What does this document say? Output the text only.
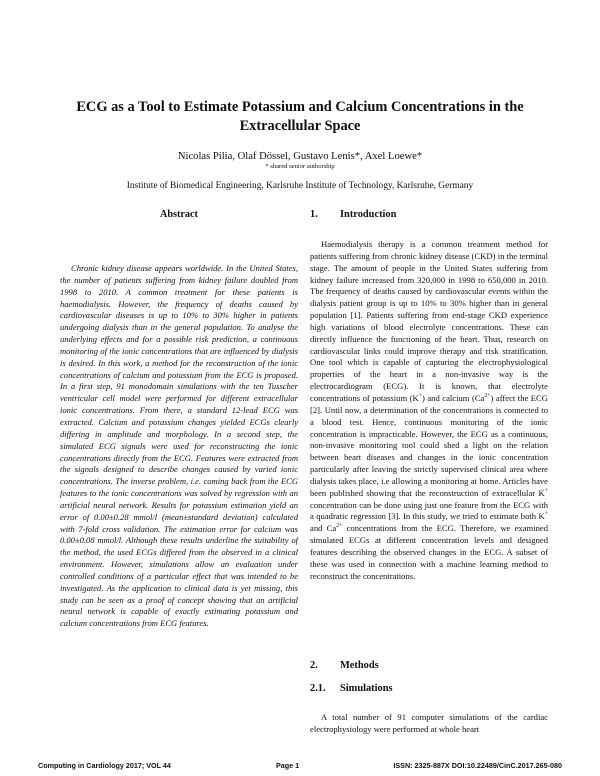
ECG as a Tool to Estimate Potassium and Calcium Concentrations in the Extracellular Space
Nicolas Pilia, Olaf Dössel, Gustavo Lenis*, Axel Loewe*
* shared senior authorship
Institute of Biomedical Engineering, Karlsruhe Institute of Technology, Karlsruhe, Germany
Abstract
Chronic kidney disease appears worldwide. In the United States, the number of patients suffering from kidney failure doubled from 1998 to 2010. A common treatment for these patients is haemodialysis. However, the frequency of deaths caused by cardiovascular diseases is up to 10% to 30% higher in patients undergoing dialysis than in the general population. To analyse the underlying effects and for a possible risk prediction, a continuous monitoring of the ionic concentrations that are influenced by dialysis is desired. In this work, a method for the reconstruction of the ionic concentrations of calcium and potassium from the ECG is proposed. In a first step, 91 monodomain simulations with the ten Tusscher ventricular cell model were performed for different extracellular ionic concentrations. From there, a standard 12-lead ECG was extracted. Calcium and potassium changes yielded ECGs clearly differing in amplitude and morphology. In a second step, the simulated ECG signals were used for reconstructing the ionic concentrations directly from the ECG. Features were extracted from the signals designed to describe changes caused by varied ionic concentrations. The inverse problem, i.e. coming back from the ECG features to the ionic concentrations was solved by regression with an artificial neural network. Results for potassium estimation yield an error of 0.00±0.28 mmol/l (mean±standard deviation) calculated with 7-fold cross validation. The estimation error for calcium was 0.00±0.08 mmol/l. Although these results underline the suitability of the method, the used ECGs differed from the observed in a clinical environment. However, simulations allow an evaluation under controlled conditions of a particular effect that was intended to be investigated. As the application to clinical data is yet missing, this study can be seen as a proof of concept showing that an artificial neural network is capable of exactly estimating potassium and calcium concentrations from ECG features.
1. Introduction
Haemodialysis therapy is a common treatment method for patients suffering from chronic kidney disease (CKD) in the terminal stage. The amount of people in the United States suffering from kidney failure increased from 320,000 in 1998 to 650,000 in 2010. The frequency of deaths caused by cardiovascular events within the dialysis patient group is up to 10% to 30% higher than in general population [1]. Patients suffering from end-stage CKD experience high variations of blood electrolyte concentrations. These can directly influence the functioning of the heart. Thus, research on cardiovascular links could improve therapy and risk stratification. One tool which is capable of capturing the electrophysiological properties of the heart in a non-invasive way is the electrocardiogram (ECG). It is known, that electrolyte concentrations of potassium (K+) and calcium $(Ca^{2+})$ affect the ECG [2]. Until now, a determination of the concentrations is connected to a blood test. Hence, continuous monitoring of the ionic concentration is impracticable. However, the ECG as a continuous, non-invasive monitoring tool could shed a light on the relation between heart diseases and changes in the ionic concentration particularly after leaving the strictly supervised clinical area where dialysis takes place, i.e allowing a monitoring at home. Articles have been published showing that the reconstruction of extracellular K+ concentration can be done using just one feature from the ECG with a quadratic regression [3]. In this study, we tried to estimate both K+ and $Ca^{2+}$ concentrations from the ECG. Therefore, we examined simulated ECGs at different concentration levels and designed features describing the observed changes in the ECG. A subset of these was used in connection with a machine learning method to reconstruct the concentrations.
2. Methods
2.1. Simulations
A total number of 91 computer simulations of the cardiac electrophysiology were performed at whole heart
Computing in Cardiology 2017; VOL 44	Page 1	ISSN: 2325-887X DOI:10.22489/CinC.2017.265-080
